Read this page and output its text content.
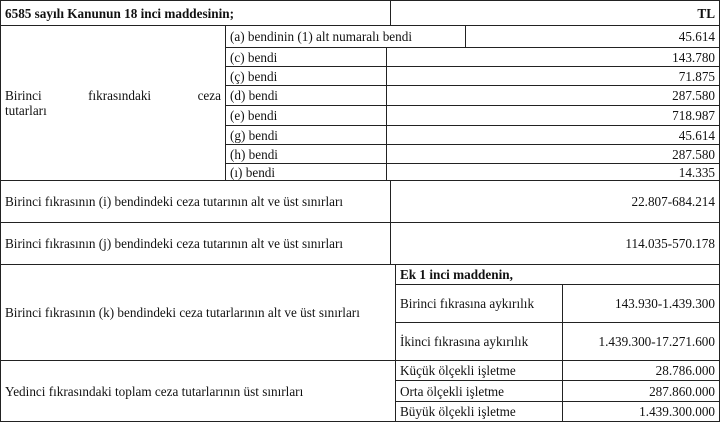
6585 sayılı Kanunun 18 inci maddesinin;	TL
Birinci fıkrasındaki ceza
tutarları
(a) bendinin (1) alt numaralı bendi	45.614
(c) bendi	143.780
(ç) bendi	71.875
(d) bendi	287.580
(e) bendi	718.987
(g) bendi	45.614
(h) bendi	287.580
(ı) bendi	14.335
Birinci fıkrasının (i) bendindeki ceza tutarının alt ve üst sınırları	22.807-684.214
Birinci fıkrasının (j) bendindeki ceza tutarının alt ve üst sınırları	114.035-570.178
Birinci fıkrasının (k) bendindeki ceza tutarlarının alt ve üst sınırları
Ek 1 inci maddenin,
Birinci fıkrasına aykırılık	143.930-1.439.300
İkinci fıkrasına aykırılık	1.439.300-17.271.600
Yedinci fıkrasındaki toplam ceza tutarlarının üst sınırları
Küçük ölçekli işletme	28.786.000
Orta ölçekli işletme	287.860.000
Büyük ölçekli işletme	1.439.300.000
